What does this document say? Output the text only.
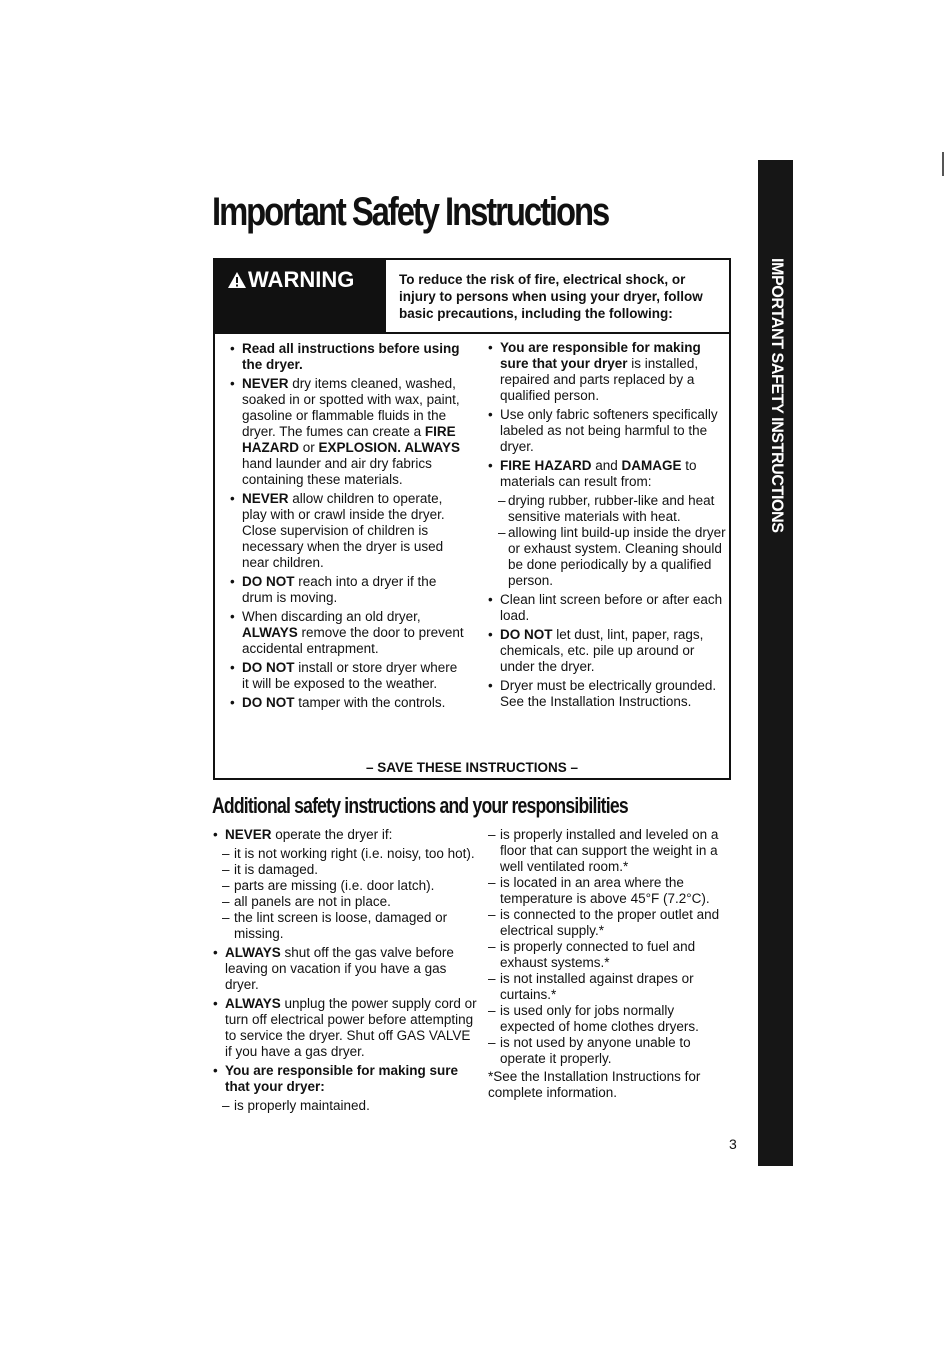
Important Safety Instructions
IMPORTANT SAFETY INSTRUCTIONS
WARNING	To reduce the risk of fire, electrical shock, or injury to persons when using your dryer, follow basic precautions, including the following:

• Read all instructions before using the dryer.

• NEVER dry items cleaned, washed, soaked in or spotted with wax, paint, gasoline or flammable fluids in the dryer. The fumes can create a FIRE HAZARD or EXPLOSION. ALWAYS hand launder and air dry fabrics containing these materials.

• NEVER allow children to operate, play with or crawl inside the dryer. Close supervision of children is necessary when the dryer is used near children.

• DO NOT reach into a dryer if the drum is moving.

• When discarding an old dryer, ALWAYS remove the door to prevent accidental entrapment.

• DO NOT install or store dryer where it will be exposed to the weather.

• DO NOT tamper with the controls.

• You are responsible for making sure that your dryer is installed, repaired and parts replaced by a qualified person.

• Use only fabric softeners specifically labeled as not being harmful to the dryer.

• FIRE HAZARD and DAMAGE to materials can result from:

– drying rubber, rubber-like and heat sensitive materials with heat.

– allowing lint build-up inside the dryer or exhaust system. Cleaning should be done periodically by a qualified person.

• Clean lint screen before or after each load.

• DO NOT let dust, lint, paper, rags, chemicals, etc. pile up around or under the dryer.

• Dryer must be electrically grounded. See the Installation Instructions.

– SAVE THESE INSTRUCTIONS –

Additional safety instructions and your responsibilities

• NEVER operate the dryer if:

– it is not working right (i.e. noisy, too hot).

– it is damaged.

– parts are missing (i.e. door latch).

– all panels are not in place.

– the lint screen is loose, damaged or missing.

• ALWAYS shut off the gas valve before leaving on vacation if you have a gas dryer.

• ALWAYS unplug the power supply cord or turn off electrical power before attempting to service the dryer. Shut off GAS VALVE if you have a gas dryer.

• You are responsible for making sure that your dryer:

– is properly maintained.

– is properly installed and leveled on a floor that can support the weight in a well ventilated room.*

– is located in an area where the temperature is above 45°F (7.2°C).

– is connected to the proper outlet and electrical supply.*

– is properly connected to fuel and exhaust systems.*

– is not installed against drapes or curtains.*

– is used only for jobs normally expected of home clothes dryers.

– is not used by anyone unable to operate it properly.

*See the Installation Instructions for complete information.

3
